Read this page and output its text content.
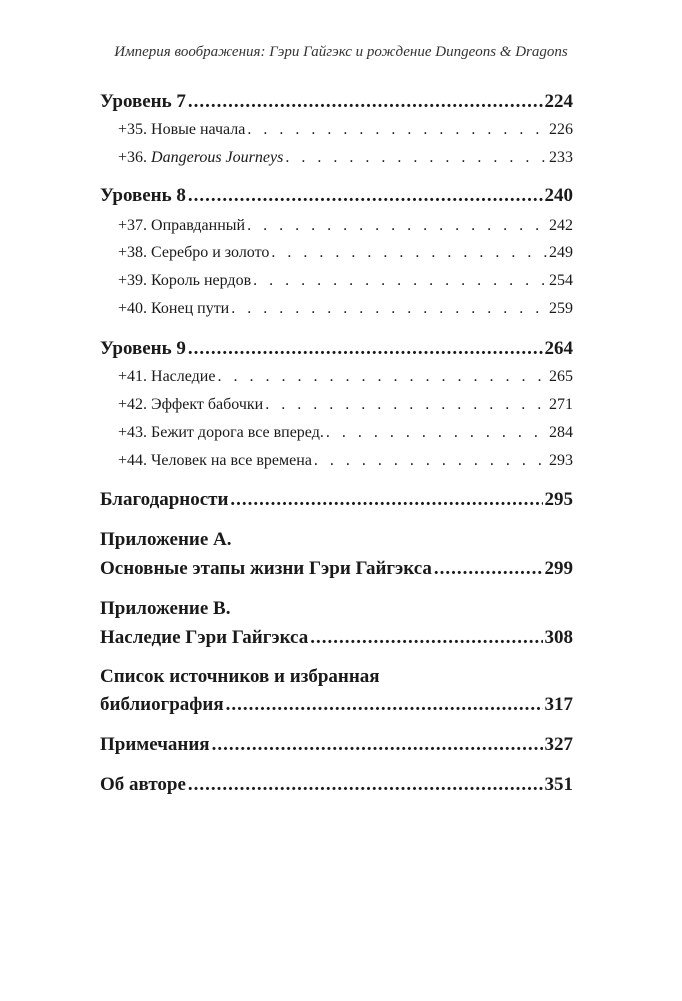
Империя воображения: Гэри Гайгэкс и рождение Dungeons & Dragons
Уровень 7 .....	224
+35. Новые начала . . .	226
+36. Dangerous Journeys . . .	233
Уровень 8 .....	240
+37. Оправданный . . .	242
+38. Серебро и золото . . .	249
+39. Король нердов . . .	254
+40. Конец пути . . .	259
Уровень 9 .....	264
+41. Наследие . . .	265
+42. Эффект бабочки . . .	271
+43. Бежит дорога все вперед. . . .	284
+44. Человек на все времена . . .	293
Благодарности .....	295
Приложение A.
Основные этапы жизни Гэри Гайгэкса .....	299
Приложение B.
Наследие Гэри Гайгэкса .....	308
Список источников и избранная
библиография .....	317
Примечания .....	327
Об авторе .....	351
